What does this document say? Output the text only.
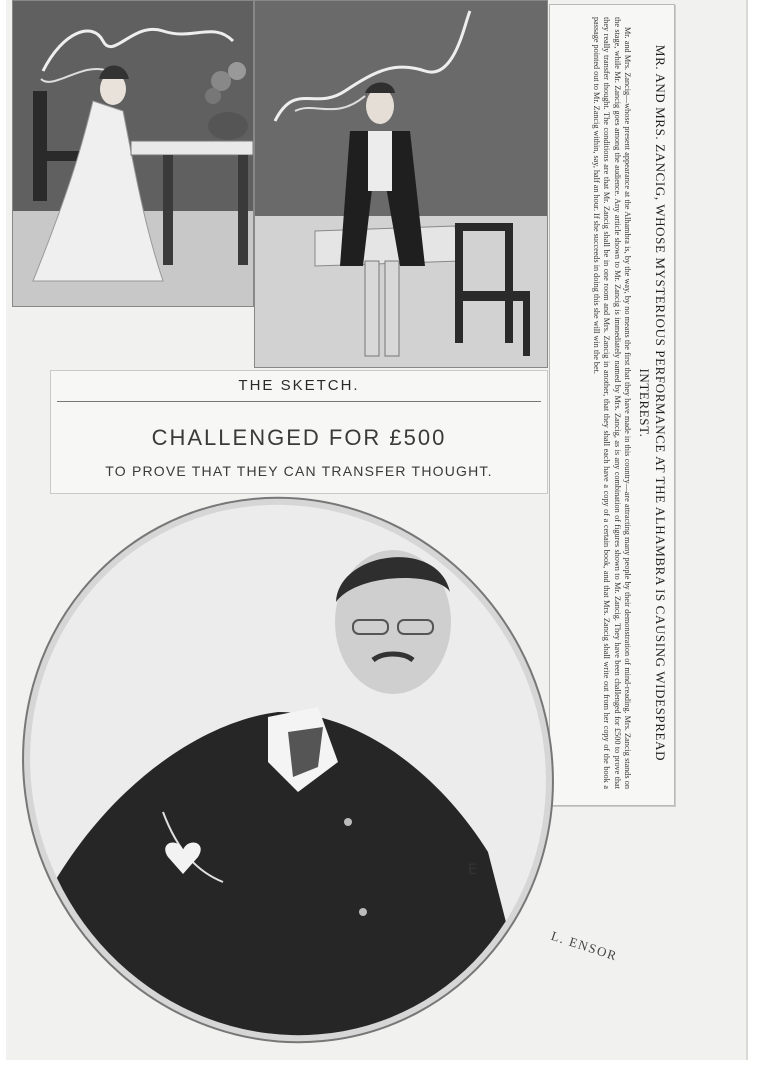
MR. AND MRS. ZANCIG, WHOSE MYSTERIOUS PERFORMANCE AT THE ALHAMBRA IS CAUSING WIDESPREAD INTEREST.

Mr. and Mrs. Zancig—whose present appearance at the Alhambra is, by the way, by no means the first that they have made in this country—are attracting many people by their demonstration of mind-reading. Mrs. Zancig stands on the stage, while Mr. Zancig goes among the audience. Any article shown to Mr. Zancig is immediately named by Mrs. Zancig, as is any combination of figures shown to Mr. Zancig. They have been challenged for £500 to prove that they really transfer thought. The conditions are that Mr. Zancig shall be in one room and Mrs. Zancig in another, that they shall each have a copy of a certain book, and that Mrs. Zancig shall write out from her copy of the book a passage pointed out to Mr. Zancig within, say, half an hour. If she succeeds in doing this she will win the bet.

THE SKETCH.
CHALLENGED FOR £500
TO PROVE THAT THEY CAN TRANSFER THOUGHT.
E
L. ENSOR
